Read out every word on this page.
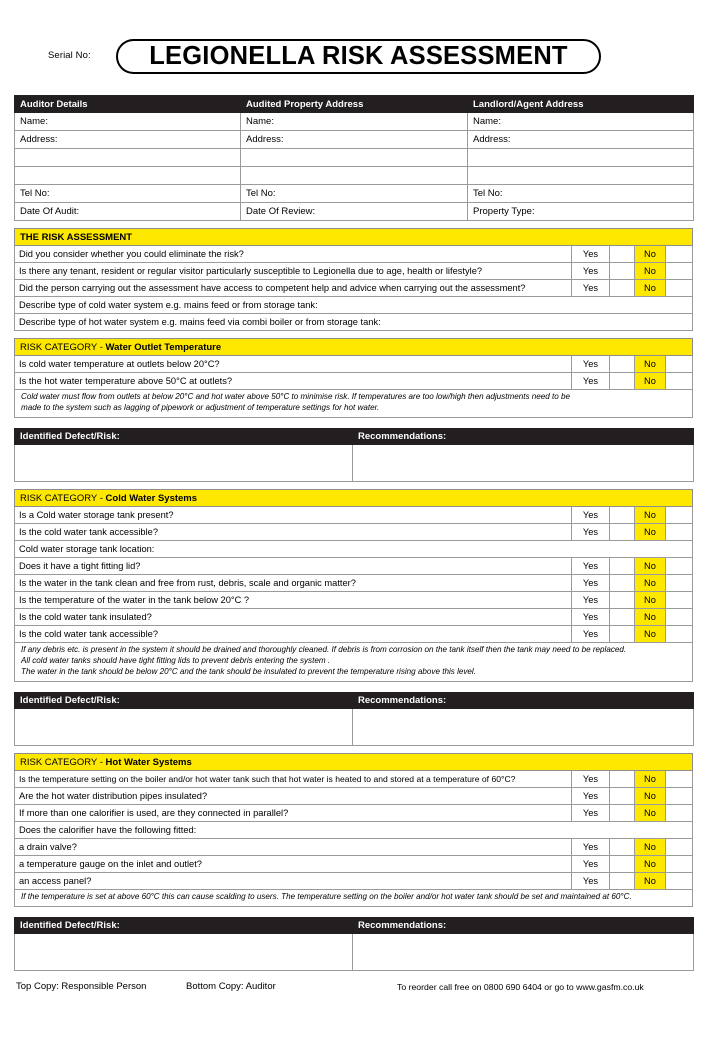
Serial No: LEGIONELLA RISK ASSESSMENT
Auditor Details	Audited Property Address	Landlord/Agent Address
Name:	Name:	Name:
Address:	Address:	Address:

Tel No:	Tel No:	Tel No:
Date Of Audit:	Date Of Review:	Property Type:
THE RISK ASSESSMENT				
Did you consider whether you could eliminate the risk?	Yes		No	
Is there any tenant, resident or regular visitor particularly susceptible to Legionella due to age, health or lifestyle?	Yes		No	
Did the person carrying out the assessment have access to competent help and advice when carrying out the assessment?	Yes		No	
Describe type of cold water system e.g. mains feed or from storage tank:				
Describe type of hot water system e.g. mains feed via combi boiler or from storage tank:				
RISK CATEGORY - Water Outlet Temperature				
Is cold water temperature at outlets below 20°C?	Yes		No	
Is the hot water temperature above 50°C at outlets?	Yes		No	

Cold water must flow from outlets at below 20°C and hot water above 50°C to minimise risk. If temperatures are too low/high then adjustments need to be
made to the system such as lagging of pipework or adjustment of temperature settings for hot water.				
Identified Defect/Risk:	Recommendations:

RISK CATEGORY - Cold Water Systems				
Is a Cold water storage tank present?	Yes		No	
Is the cold water tank accessible?	Yes		No	
Cold water storage tank location:				
Does it have a tight fitting lid?	Yes		No	
Is the water in the tank clean and free from rust, debris, scale and organic matter?	Yes		No	
Is the temperature of the water in the tank below 20°C ?	Yes		No	
Is the cold water tank insulated?	Yes		No	
Is the cold water tank accessible?	Yes		No	

If any debris etc. is present in the system it should be drained and thoroughly cleaned. If debris is from corrosion on the tank itself then the tank may need to be replaced.
All cold water tanks should have tight fitting lids to prevent debris entering the system .
The water in the tank should be below 20°C and the tank should be insulated to prevent the temperature rising above this level.				
Identified Defect/Risk:	Recommendations:

RISK CATEGORY - Hot Water Systems				
Is the temperature setting on the boiler and/or hot water tank such that hot water is heated to and stored at a temperature of 60°C?	Yes		No	
Are the hot water distribution pipes insulated?	Yes		No	
If more than one calorifier is used, are they connected in parallel?	Yes		No	
Does the calorifier have the following fitted:				
a drain valve?	Yes		No	
a temperature gauge on the inlet and outlet?	Yes		No	
an access panel?	Yes		No	

If the temperature is set at above 60°C this can cause scalding to users. The temperature setting on the boiler and/or hot water tank should be set and maintained at 60°C.				
Identified Defect/Risk:	Recommendations:

Top Copy: Responsible Person	Bottom Copy: Auditor	To reorder call free on 0800 690 6404 or go to www.gasfm.co.uk
